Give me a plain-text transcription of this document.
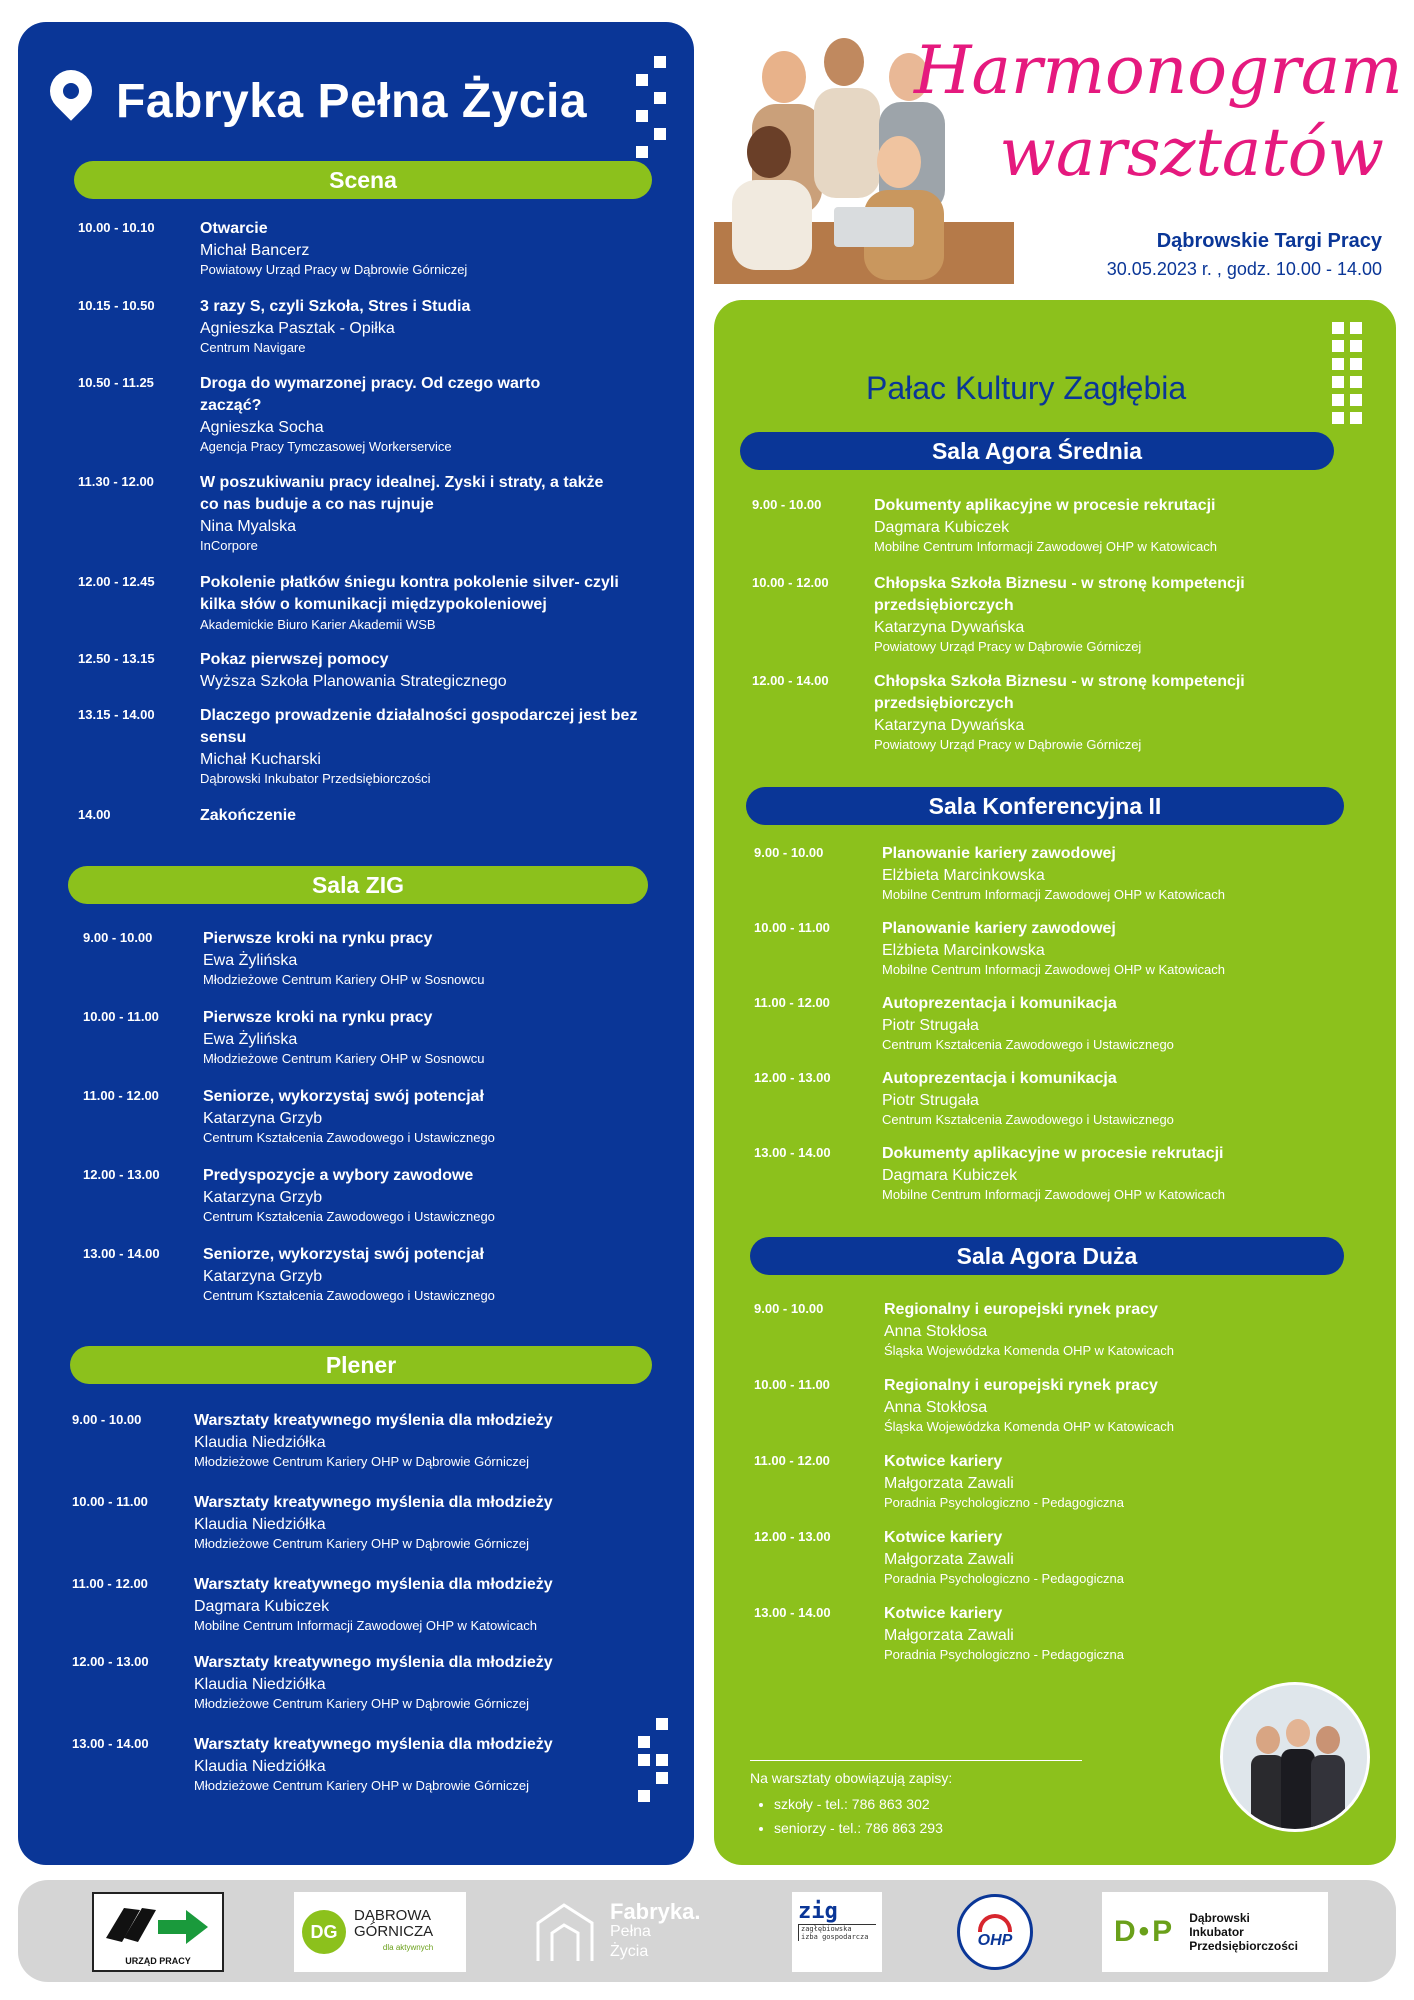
Fabryka Pełna Życia
Scena
10.00 - 10.10	Otwarcie
Michał Bancerz
Powiatowy Urząd Pracy w Dąbrowie Górniczej
10.15 - 10.50	3 razy S, czyli Szkoła, Stres i Studia
Agnieszka Pasztak - Opiłka
Centrum Navigare
10.50 - 11.25	Droga do wymarzonej pracy. Od czego warto zacząć?
Agnieszka Socha
Agencja Pracy Tymczasowej Workerservice
11.30 - 12.00	W poszukiwaniu pracy idealnej. Zyski i straty, a także co nas buduje a co nas rujnuje
Nina Myalska
InCorpore
12.00 - 12.45	Pokolenie płatków śniegu kontra pokolenie silver- czyli kilka słów o komunikacji międzypokoleniowej
Akademickie Biuro Karier Akademii WSB
12.50 - 13.15	Pokaz pierwszej pomocy
Wyższa Szkoła Planowania Strategicznego
13.15 - 14.00	Dlaczego prowadzenie działalności gospodarczej jest bez sensu
Michał Kucharski
Dąbrowski Inkubator Przedsiębiorczości
14.00	Zakończenie
Sala ZIG
9.00 - 10.00	Pierwsze kroki na rynku pracy
Ewa Żylińska
Młodzieżowe Centrum Kariery OHP w Sosnowcu
10.00 - 11.00	Pierwsze kroki na rynku pracy
Ewa Żylińska
Młodzieżowe Centrum Kariery OHP w Sosnowcu
11.00 - 12.00	Seniorze, wykorzystaj swój potencjał
Katarzyna Grzyb
Centrum Kształcenia Zawodowego i Ustawicznego
12.00 - 13.00	Predyspozycje a wybory zawodowe
Katarzyna Grzyb
Centrum Kształcenia Zawodowego i Ustawicznego
13.00 - 14.00	Seniorze, wykorzystaj swój potencjał
Katarzyna Grzyb
Centrum Kształcenia Zawodowego i Ustawicznego
Plener
9.00 - 10.00	Warsztaty kreatywnego myślenia dla młodzieży
Klaudia Niedziółka
Młodzieżowe Centrum Kariery OHP w Dąbrowie Górniczej
10.00 - 11.00	Warsztaty kreatywnego myślenia dla młodzieży
Klaudia Niedziółka
Młodzieżowe Centrum Kariery OHP w Dąbrowie Górniczej
11.00 - 12.00	Warsztaty kreatywnego myślenia dla młodzieży
Dagmara Kubiczek
Mobilne Centrum Informacji Zawodowej OHP w Katowicach
12.00 - 13.00	Warsztaty kreatywnego myślenia dla młodzieży
Klaudia Niedziółka
Młodzieżowe Centrum Kariery OHP w Dąbrowie Górniczej
13.00 - 14.00	Warsztaty kreatywnego myślenia dla młodzieży
Klaudia Niedziółka
Młodzieżowe Centrum Kariery OHP w Dąbrowie Górniczej
Harmonogram
warsztatów
Dąbrowskie Targi Pracy
30.05.2023 r. , godz. 10.00 - 14.00
Pałac Kultury Zagłębia
Sala Agora Średnia
9.00 - 10.00	Dokumenty aplikacyjne w procesie rekrutacji
Dagmara Kubiczek
Mobilne Centrum Informacji Zawodowej OHP w Katowicach
10.00 - 12.00	Chłopska Szkoła Biznesu - w stronę kompetencji przedsiębiorczych
Katarzyna Dywańska
Powiatowy Urząd Pracy w Dąbrowie Górniczej
12.00 - 14.00	Chłopska Szkoła Biznesu - w stronę kompetencji przedsiębiorczych
Katarzyna Dywańska
Powiatowy Urząd Pracy w Dąbrowie Górniczej
Sala Konferencyjna II
9.00 - 10.00	Planowanie kariery zawodowej
Elżbieta Marcinkowska
Mobilne Centrum Informacji Zawodowej OHP w Katowicach
10.00 - 11.00	Planowanie kariery zawodowej
Elżbieta Marcinkowska
Mobilne Centrum Informacji Zawodowej OHP w Katowicach
11.00 - 12.00	Autoprezentacja i komunikacja
Piotr Strugała
Centrum Kształcenia Zawodowego i Ustawicznego
12.00 - 13.00	Autoprezentacja i komunikacja
Piotr Strugała
Centrum Kształcenia Zawodowego i Ustawicznego
13.00 - 14.00	Dokumenty aplikacyjne w procesie rekrutacji
Dagmara Kubiczek
Mobilne Centrum Informacji Zawodowej OHP w Katowicach
Sala Agora Duża
9.00 - 10.00	Regionalny i europejski rynek pracy
Anna Stokłosa
Śląska Wojewódzka Komenda OHP w Katowicach
10.00 - 11.00	Regionalny i europejski rynek pracy
Anna Stokłosa
Śląska Wojewódzka Komenda OHP w Katowicach
11.00 - 12.00	Kotwice kariery
Małgorzata Zawali
Poradnia Psychologiczno - Pedagogiczna
12.00 - 13.00	Kotwice kariery
Małgorzata Zawali
Poradnia Psychologiczno - Pedagogiczna
13.00 - 14.00	Kotwice kariery
Małgorzata Zawali
Poradnia Psychologiczno - Pedagogiczna
Na warsztaty obowiązują zapisy:
• szkoły - tel.: 786 863 302
• seniorzy - tel.: 786 863 293
URZĄD PRACY
DG
DĄBROWA
GÓRNICZA
dla aktywnych
Fabryka.
Pełna
Życia
zig
zagłębiowska
izba gospodarcza	OHP	D•P Dąbrowski
Inkubator
Przedsiębiorczości
